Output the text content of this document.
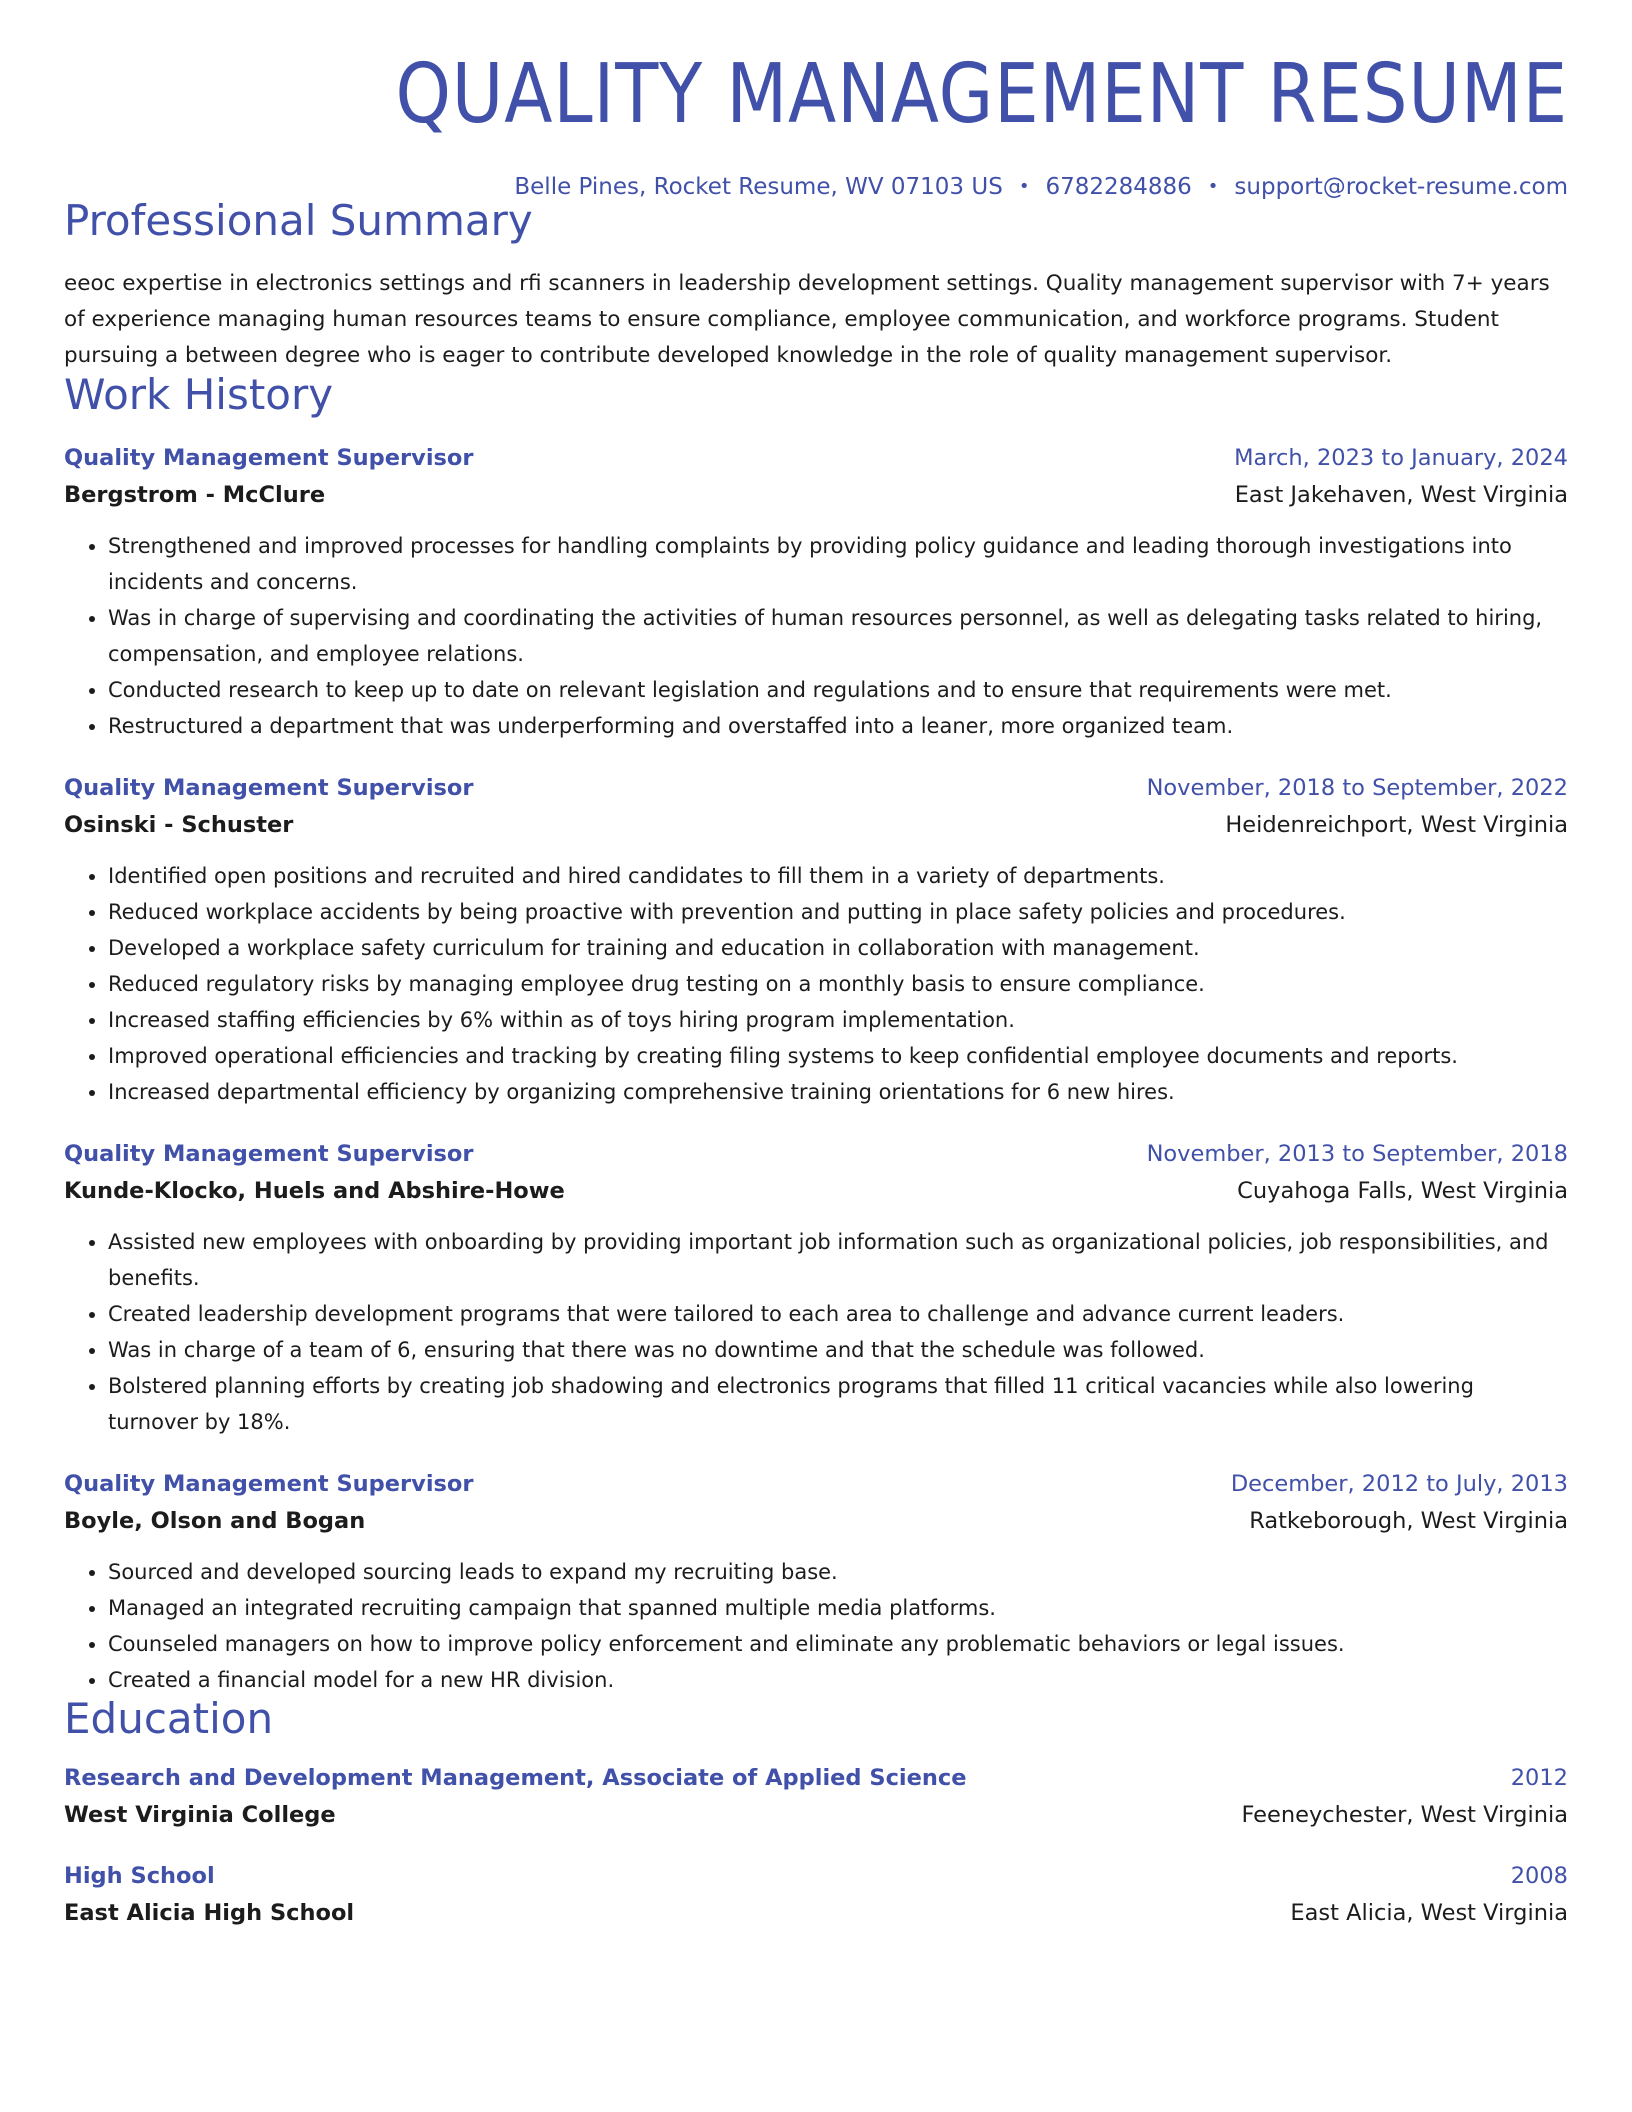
QUALITY MANAGEMENT RESUME
Belle Pines, Rocket Resume, WV 07103 US • 6782284886 • support@rocket-resume.com
Professional Summary
eeoc expertise in electronics settings and rfi scanners in leadership development settings. Quality management supervisor with 7+ years of experience managing human resources teams to ensure compliance, employee communication, and workforce programs. Student pursuing a between degree who is eager to contribute developed knowledge in the role of quality management supervisor.
Work History
Quality Management Supervisor	March, 2023 to January, 2024
Bergstrom - McClure	East Jakehaven, West Virginia
• Strengthened and improved processes for handling complaints by providing policy guidance and leading thorough investigations into incidents and concerns.
• Was in charge of supervising and coordinating the activities of human resources personnel, as well as delegating tasks related to hiring, compensation, and employee relations.
• Conducted research to keep up to date on relevant legislation and regulations and to ensure that requirements were met.
• Restructured a department that was underperforming and overstaffed into a leaner, more organized team.
Quality Management Supervisor	November, 2018 to September, 2022
Osinski - Schuster	Heidenreichport, West Virginia
• Identified open positions and recruited and hired candidates to fill them in a variety of departments.
• Reduced workplace accidents by being proactive with prevention and putting in place safety policies and procedures.
• Developed a workplace safety curriculum for training and education in collaboration with management.
• Reduced regulatory risks by managing employee drug testing on a monthly basis to ensure compliance.
• Increased staffing efficiencies by 6% within as of toys hiring program implementation.
• Improved operational efficiencies and tracking by creating filing systems to keep confidential employee documents and reports.
• Increased departmental efficiency by organizing comprehensive training orientations for 6 new hires.
Quality Management Supervisor	November, 2013 to September, 2018
Kunde-Klocko, Huels and Abshire-Howe	Cuyahoga Falls, West Virginia
• Assisted new employees with onboarding by providing important job information such as organizational policies, job responsibilities, and benefits.
• Created leadership development programs that were tailored to each area to challenge and advance current leaders.
• Was in charge of a team of 6, ensuring that there was no downtime and that the schedule was followed.
• Bolstered planning efforts by creating job shadowing and electronics programs that filled 11 critical vacancies while also lowering turnover by 18%.
Quality Management Supervisor	December, 2012 to July, 2013
Boyle, Olson and Bogan	Ratkeborough, West Virginia
• Sourced and developed sourcing leads to expand my recruiting base.
• Managed an integrated recruiting campaign that spanned multiple media platforms.
• Counseled managers on how to improve policy enforcement and eliminate any problematic behaviors or legal issues.
• Created a financial model for a new HR division.
Education
Research and Development Management, Associate of Applied Science	2012
West Virginia College	Feeneychester, West Virginia
High School	2008
East Alicia High School	East Alicia, West Virginia
